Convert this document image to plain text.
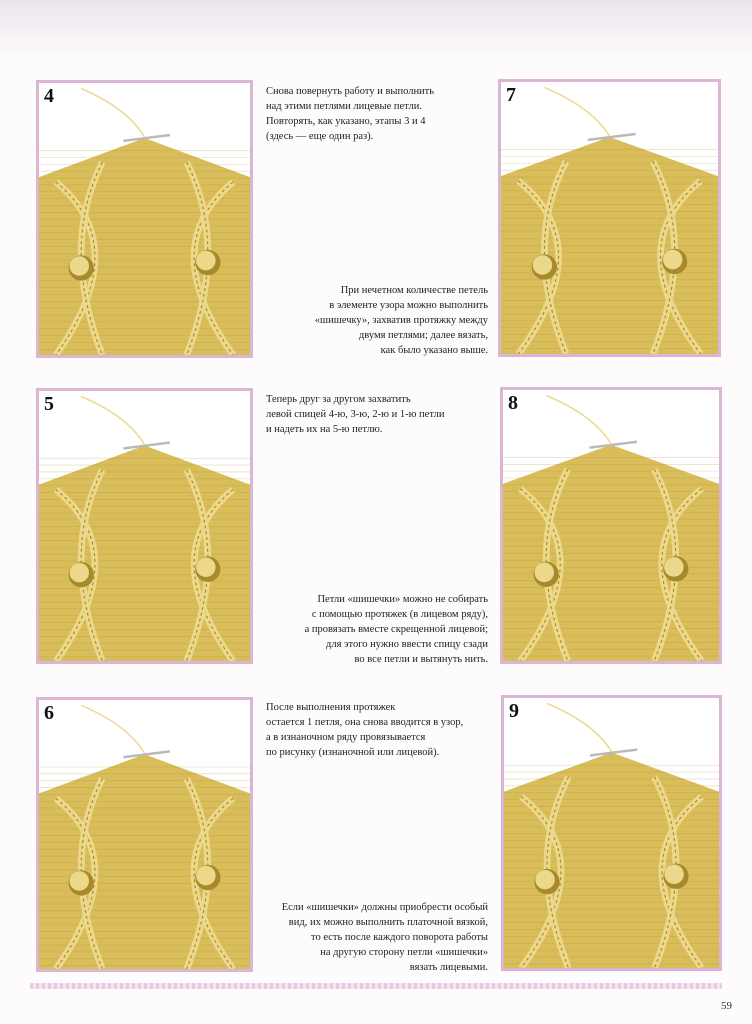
4
5
6
7
8
9

Снова повернуть работу и выполнить

над этими петлями лицевые петли.

Повторять, как указано, этапы 3 и 4

(здесь — еще один раз).

При нечетном количестве петель

в элементе узора можно выполнить

«шишечку», захватив протяжку между

двумя петлями; далее вязать,

как было указано выше.

Теперь друг за другом захватить

левой спицей 4-ю, 3-ю, 2-ю и 1-ю петли

и надеть их на 5-ю петлю.

Петли «шишечки» можно не собирать

с помощью протяжек (в лицевом ряду),

а провязать вместе скрещенной лицевой;

для этого нужно ввести спицу сзади

во все петли и вытянуть нить.

После выполнения протяжек

остается 1 петля, она снова вводится в узор,

а в изнаночном ряду провязывается

по рисунку (изнаночной или лицевой).

Если «шишечки» должны приобрести особый

вид, их можно выполнить платочной вязкой,

то есть после каждого поворота работы

на другую сторону петли «шишечки»

вязать лицевыми.

59
